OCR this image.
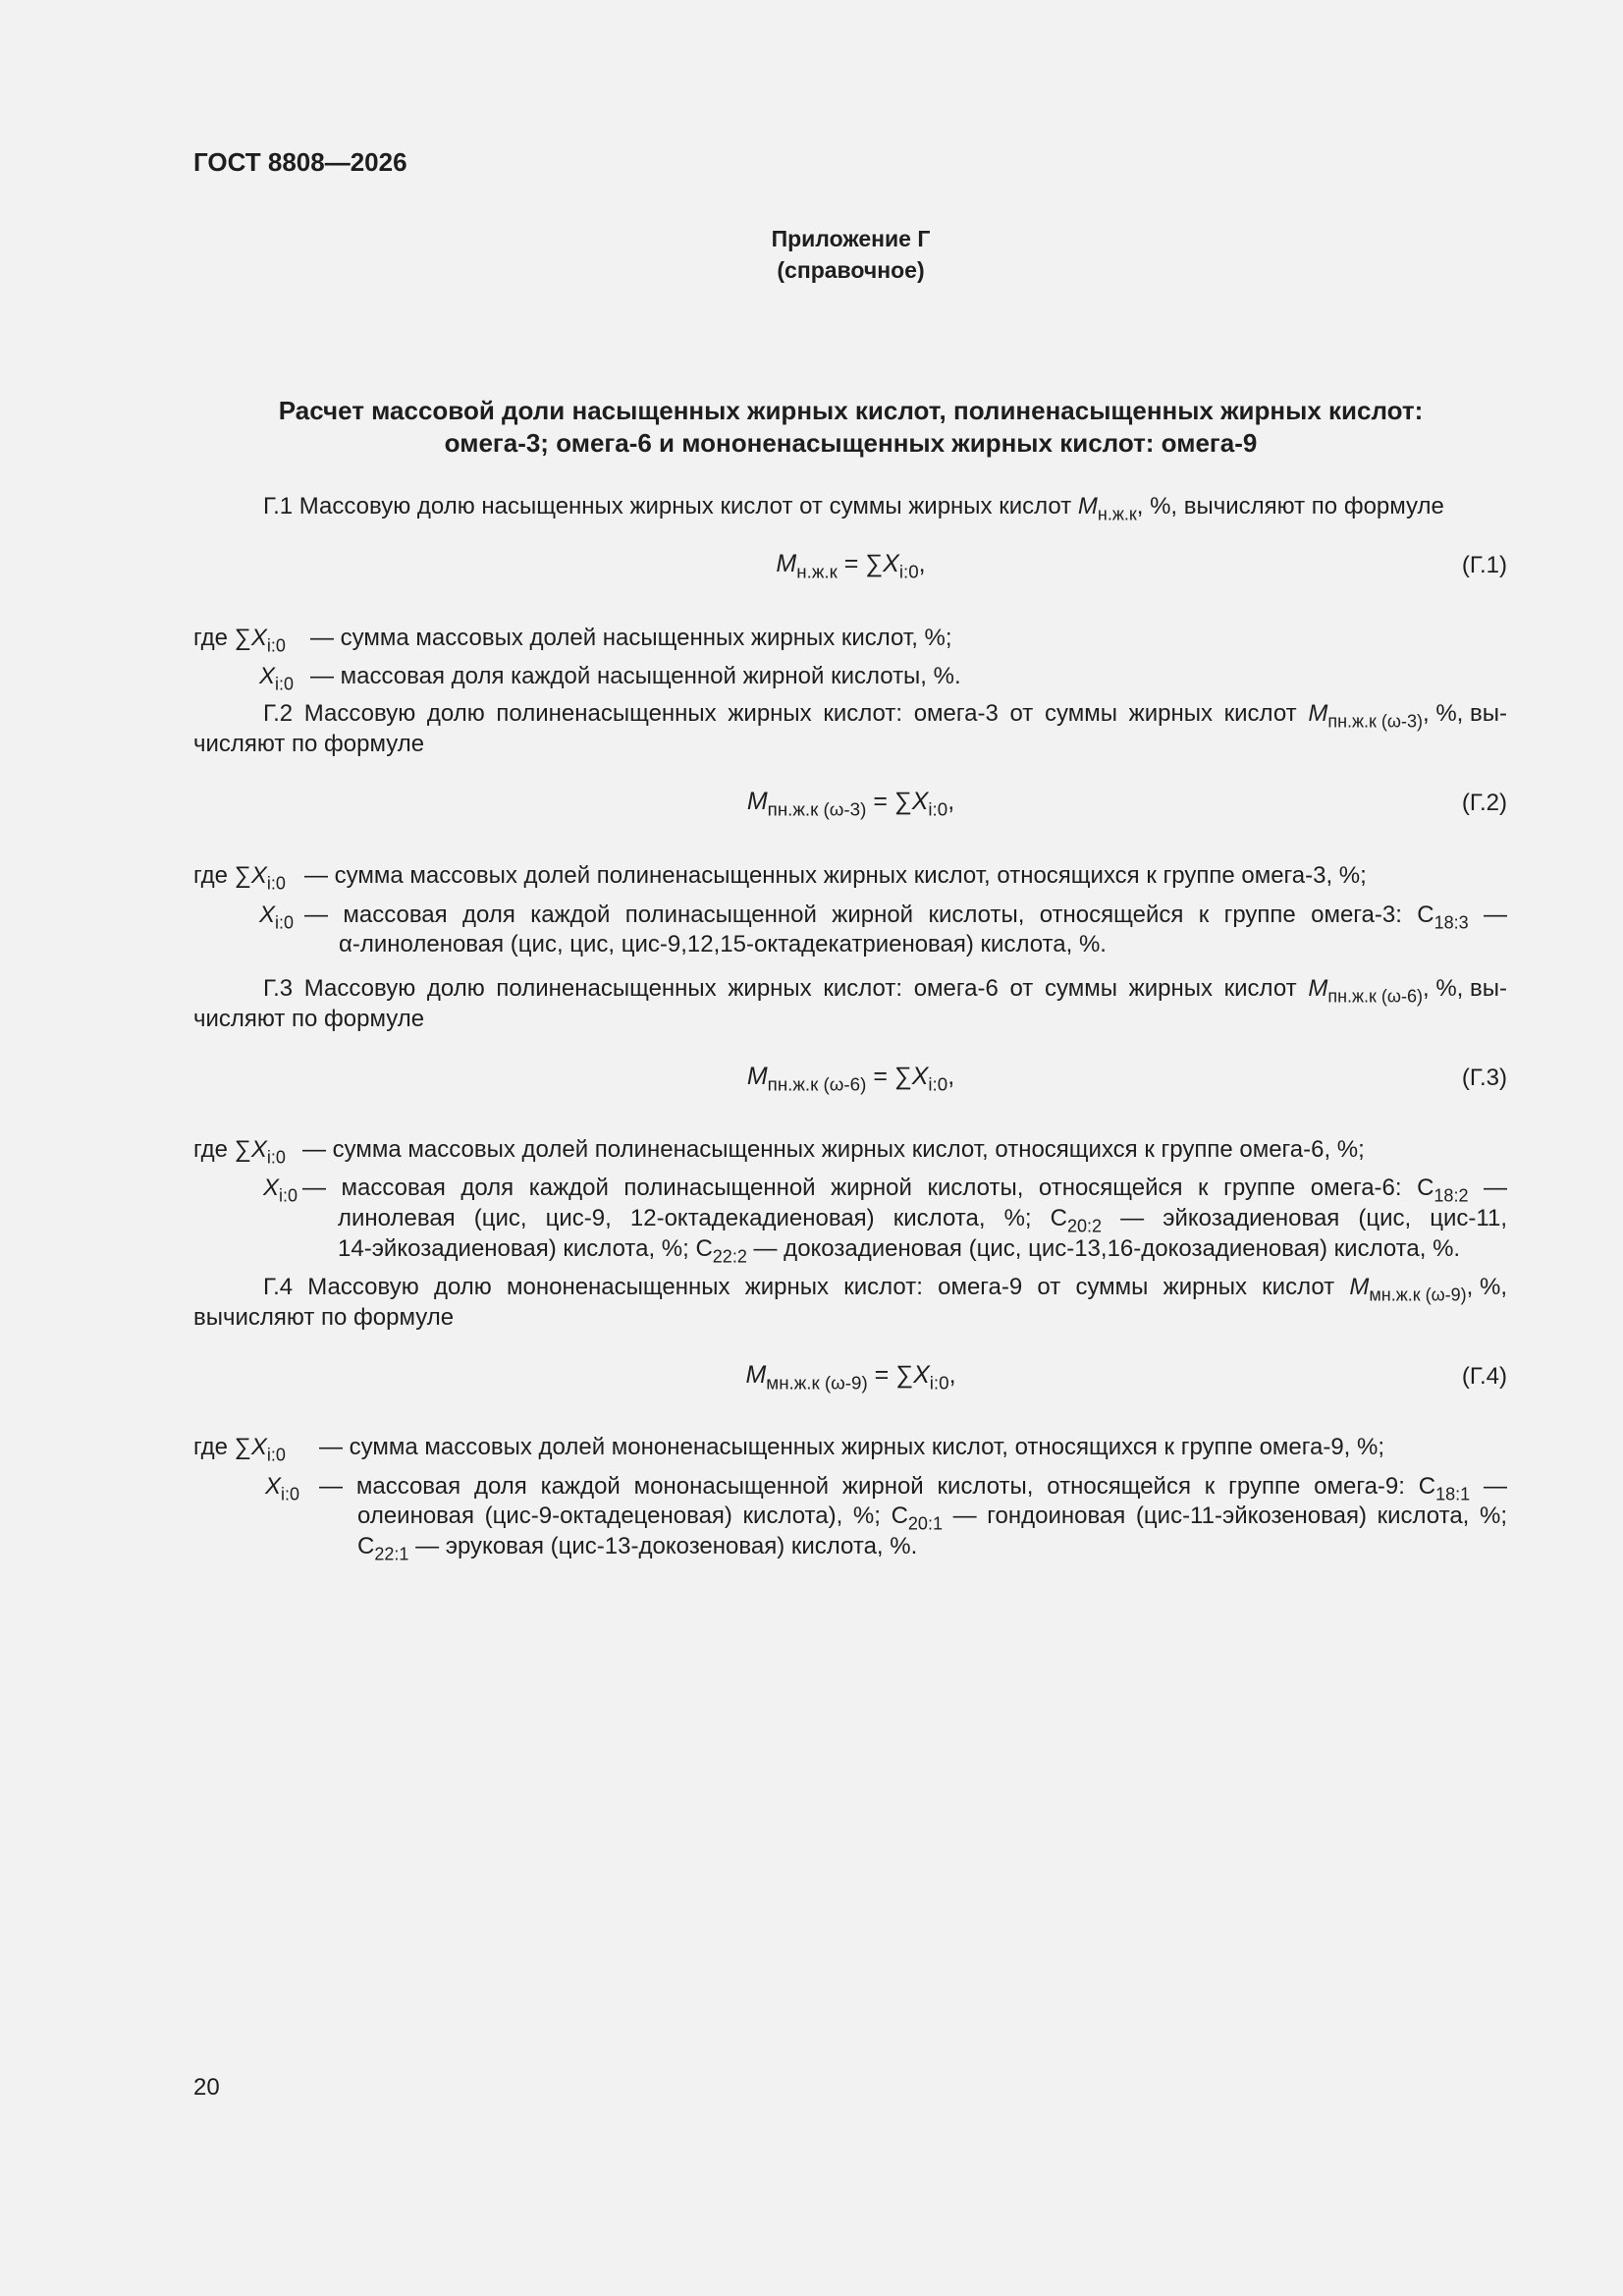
ГОСТ 8808—2026
Приложение Г
(справочное)
Расчет массовой доли насыщенных жирных кислот, полиненасыщенных жирных кислот:
омега-3; омега-6 и мононенасыщенных жирных кислот: омега-9
Г.1 Массовую долю насыщенных жирных кислот от суммы жирных кислот $M_{н.ж.к}$, %, вычисляют по формуле
$M_{н.ж.к} = \sum X_{i:0}$,	(Г.1)
где $\sum X_{i:0}$ — сумма массовых долей насыщенных жирных кислот, %;
$X_{i:0}$ — массовая доля каждой насыщенной жирной кислоты, %.
Г.2 Массовую долю полиненасыщенных жирных кислот: омега-3 от суммы жирных кислот $M_{пн.ж.к (\omega-3)}$, %, вы-
числяют по формуле
$M_{пн.ж.к (\omega-3)} = \sum X_{i:0}$,	(Г.2)
где $\sum X_{i:0}$ — сумма массовых долей полиненасыщенных жирных кислот, относящихся к группе омега-3, %;
$X_{i:0}$ — массовая доля каждой полинасыщенной жирной кислоты, относящейся к группе омега-3: $C_{18:3}$ —
α-линоленовая (цис, цис, цис-9,12,15-октадекатриеновая) кислота, %.
Г.3 Массовую долю полиненасыщенных жирных кислот: омега-6 от суммы жирных кислот $M_{пн.ж.к (\omega-6)}$, %, вы-
числяют по формуле
$M_{пн.ж.к (\omega-6)} = \sum X_{i:0}$,	(Г.3)
где $\sum X_{i:0}$ — сумма массовых долей полиненасыщенных жирных кислот, относящихся к группе омега-6, %;
$X_{i:0}$ — массовая доля каждой полинасыщенной жирной кислоты, относящейся к группе омега-6: $C_{18:2}$ —
линолевая (цис, цис-9, 12-октадекадиеновая) кислота, %; $C_{20:2}$ — эйкозадиеновая (цис, цис-11,
14-эйкозадиеновая) кислота, %; $C_{22:2}$ — докозадиеновая (цис, цис-13,16-докозадиеновая) кислота, %.
Г.4 Массовую долю мононенасыщенных жирных кислот: омега-9 от суммы жирных кислот $M_{мн.ж.к (\omega-9)}$, %,
вычисляют по формуле
$M_{мн.ж.к (\omega-9)} = \sum X_{i:0}$,	(Г.4)
где $\sum X_{i:0}$ — сумма массовых долей мононенасыщенных жирных кислот, относящихся к группе омега-9, %;
$X_{i:0}$ — массовая доля каждой мононасыщенной жирной кислоты, относящейся к группе омега-9: $C_{18:1}$ —
олеиновая (цис-9-октадеценовая) кислота), %; $C_{20:1}$ — гондоиновая (цис-11-эйкозеновая) кислота, %;
$C_{22:1}$ — эруковая (цис-13-докозеновая) кислота, %.
20
